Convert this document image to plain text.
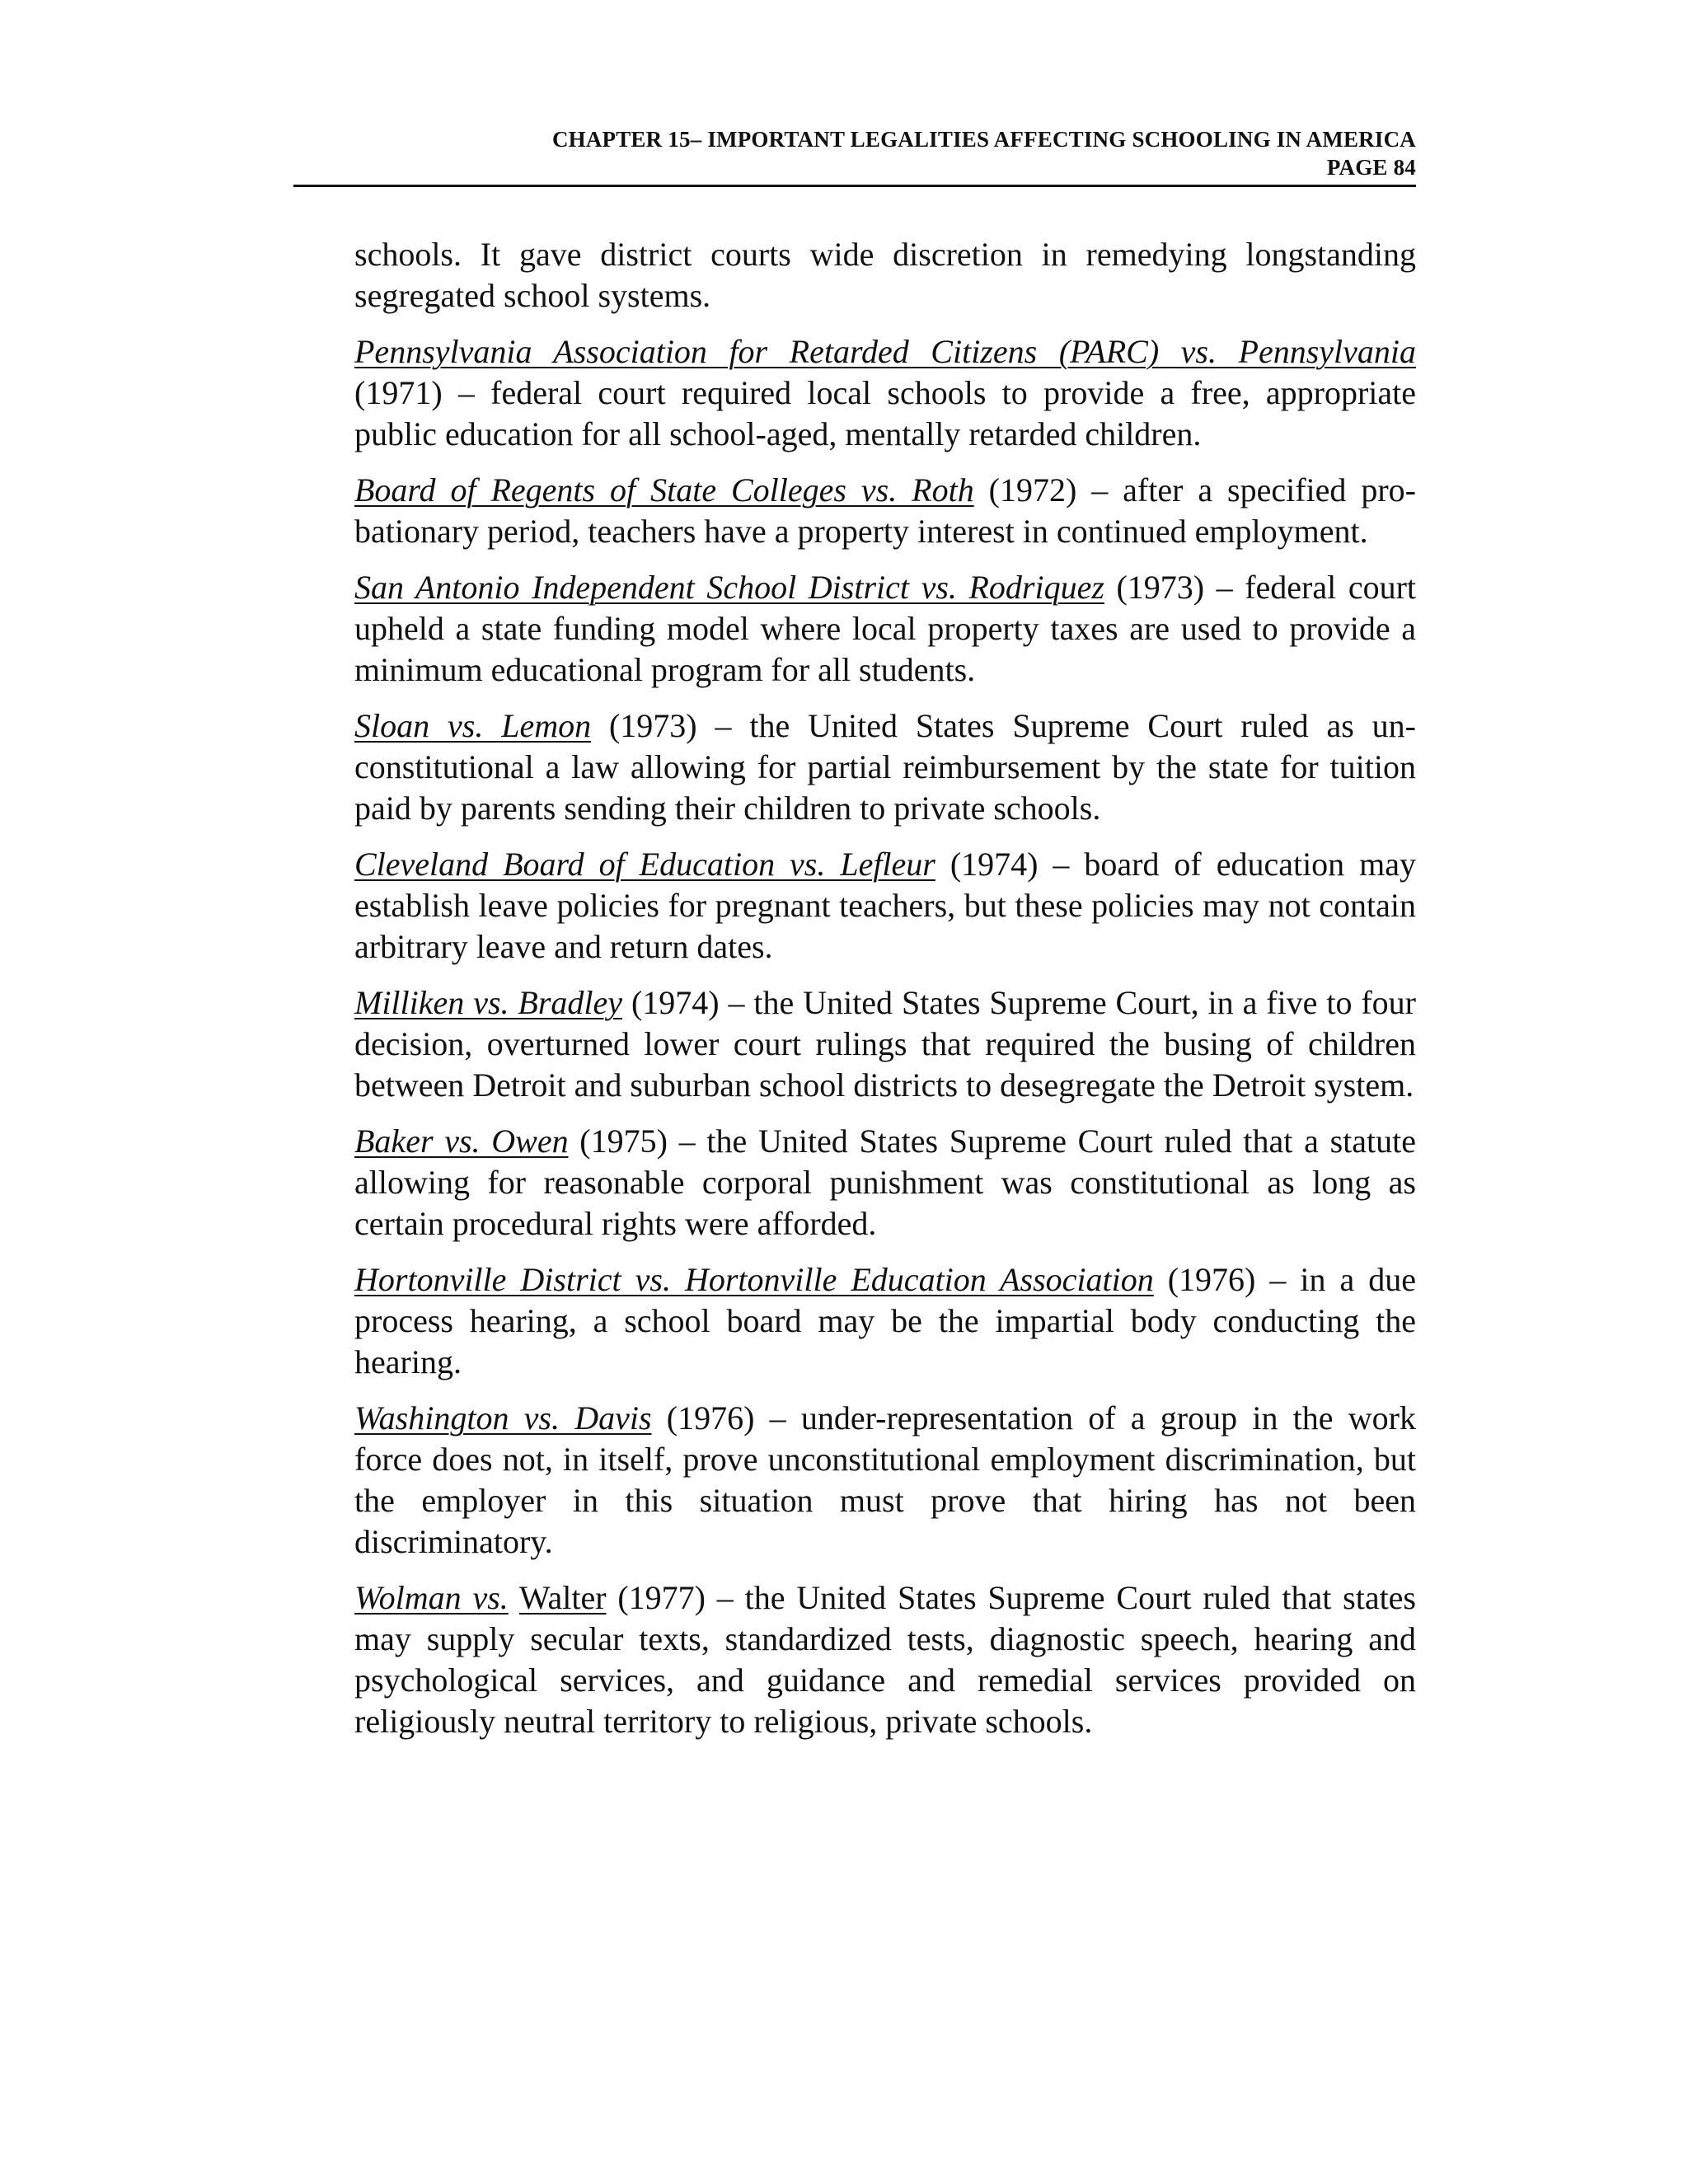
CHAPTER 15– IMPORTANT LEGALITIES AFFECTING SCHOOLING IN AMERICA
PAGE 84

schools. It gave district courts wide discretion in remedying longstanding segregated school systems.

Pennsylvania Association for Retarded Citizens (PARC) vs. Pennsylvania (1971) – federal court required local schools to provide a free, appropriate public education for all school-aged, mentally retarded children.

Board of Regents of State Colleges vs. Roth (1972) – after a specified probationary period, teachers have a property interest in continued employment.

San Antonio Independent School District vs. Rodriquez (1973) – federal court upheld a state funding model where local property taxes are used to provide a minimum educational program for all students.

Sloan vs. Lemon (1973) – the United States Supreme Court ruled as unconstitutional a law allowing for partial reimbursement by the state for tuition paid by parents sending their children to private schools.

Cleveland Board of Education vs. Lefleur (1974) – board of education may establish leave policies for pregnant teachers, but these policies may not contain arbitrary leave and return dates.

Milliken vs. Bradley (1974) – the United States Supreme Court, in a five to four decision, overturned lower court rulings that required the busing of children between Detroit and suburban school districts to desegregate the Detroit system.

Baker vs. Owen (1975) – the United States Supreme Court ruled that a statute allowing for reasonable corporal punishment was constitutional as long as certain procedural rights were afforded.

Hortonville District vs. Hortonville Education Association (1976) – in a due process hearing, a school board may be the impartial body conducting the hearing.

Washington vs. Davis (1976) – under-representation of a group in the work force does not, in itself, prove unconstitutional employment discrimination, but the employer in this situation must prove that hiring has not been discriminatory.

Wolman vs. Walter (1977) – the United States Supreme Court ruled that states may supply secular texts, standardized tests, diagnostic speech, hearing and psychological services, and guidance and remedial services provided on religiously neutral territory to religious, private schools.
